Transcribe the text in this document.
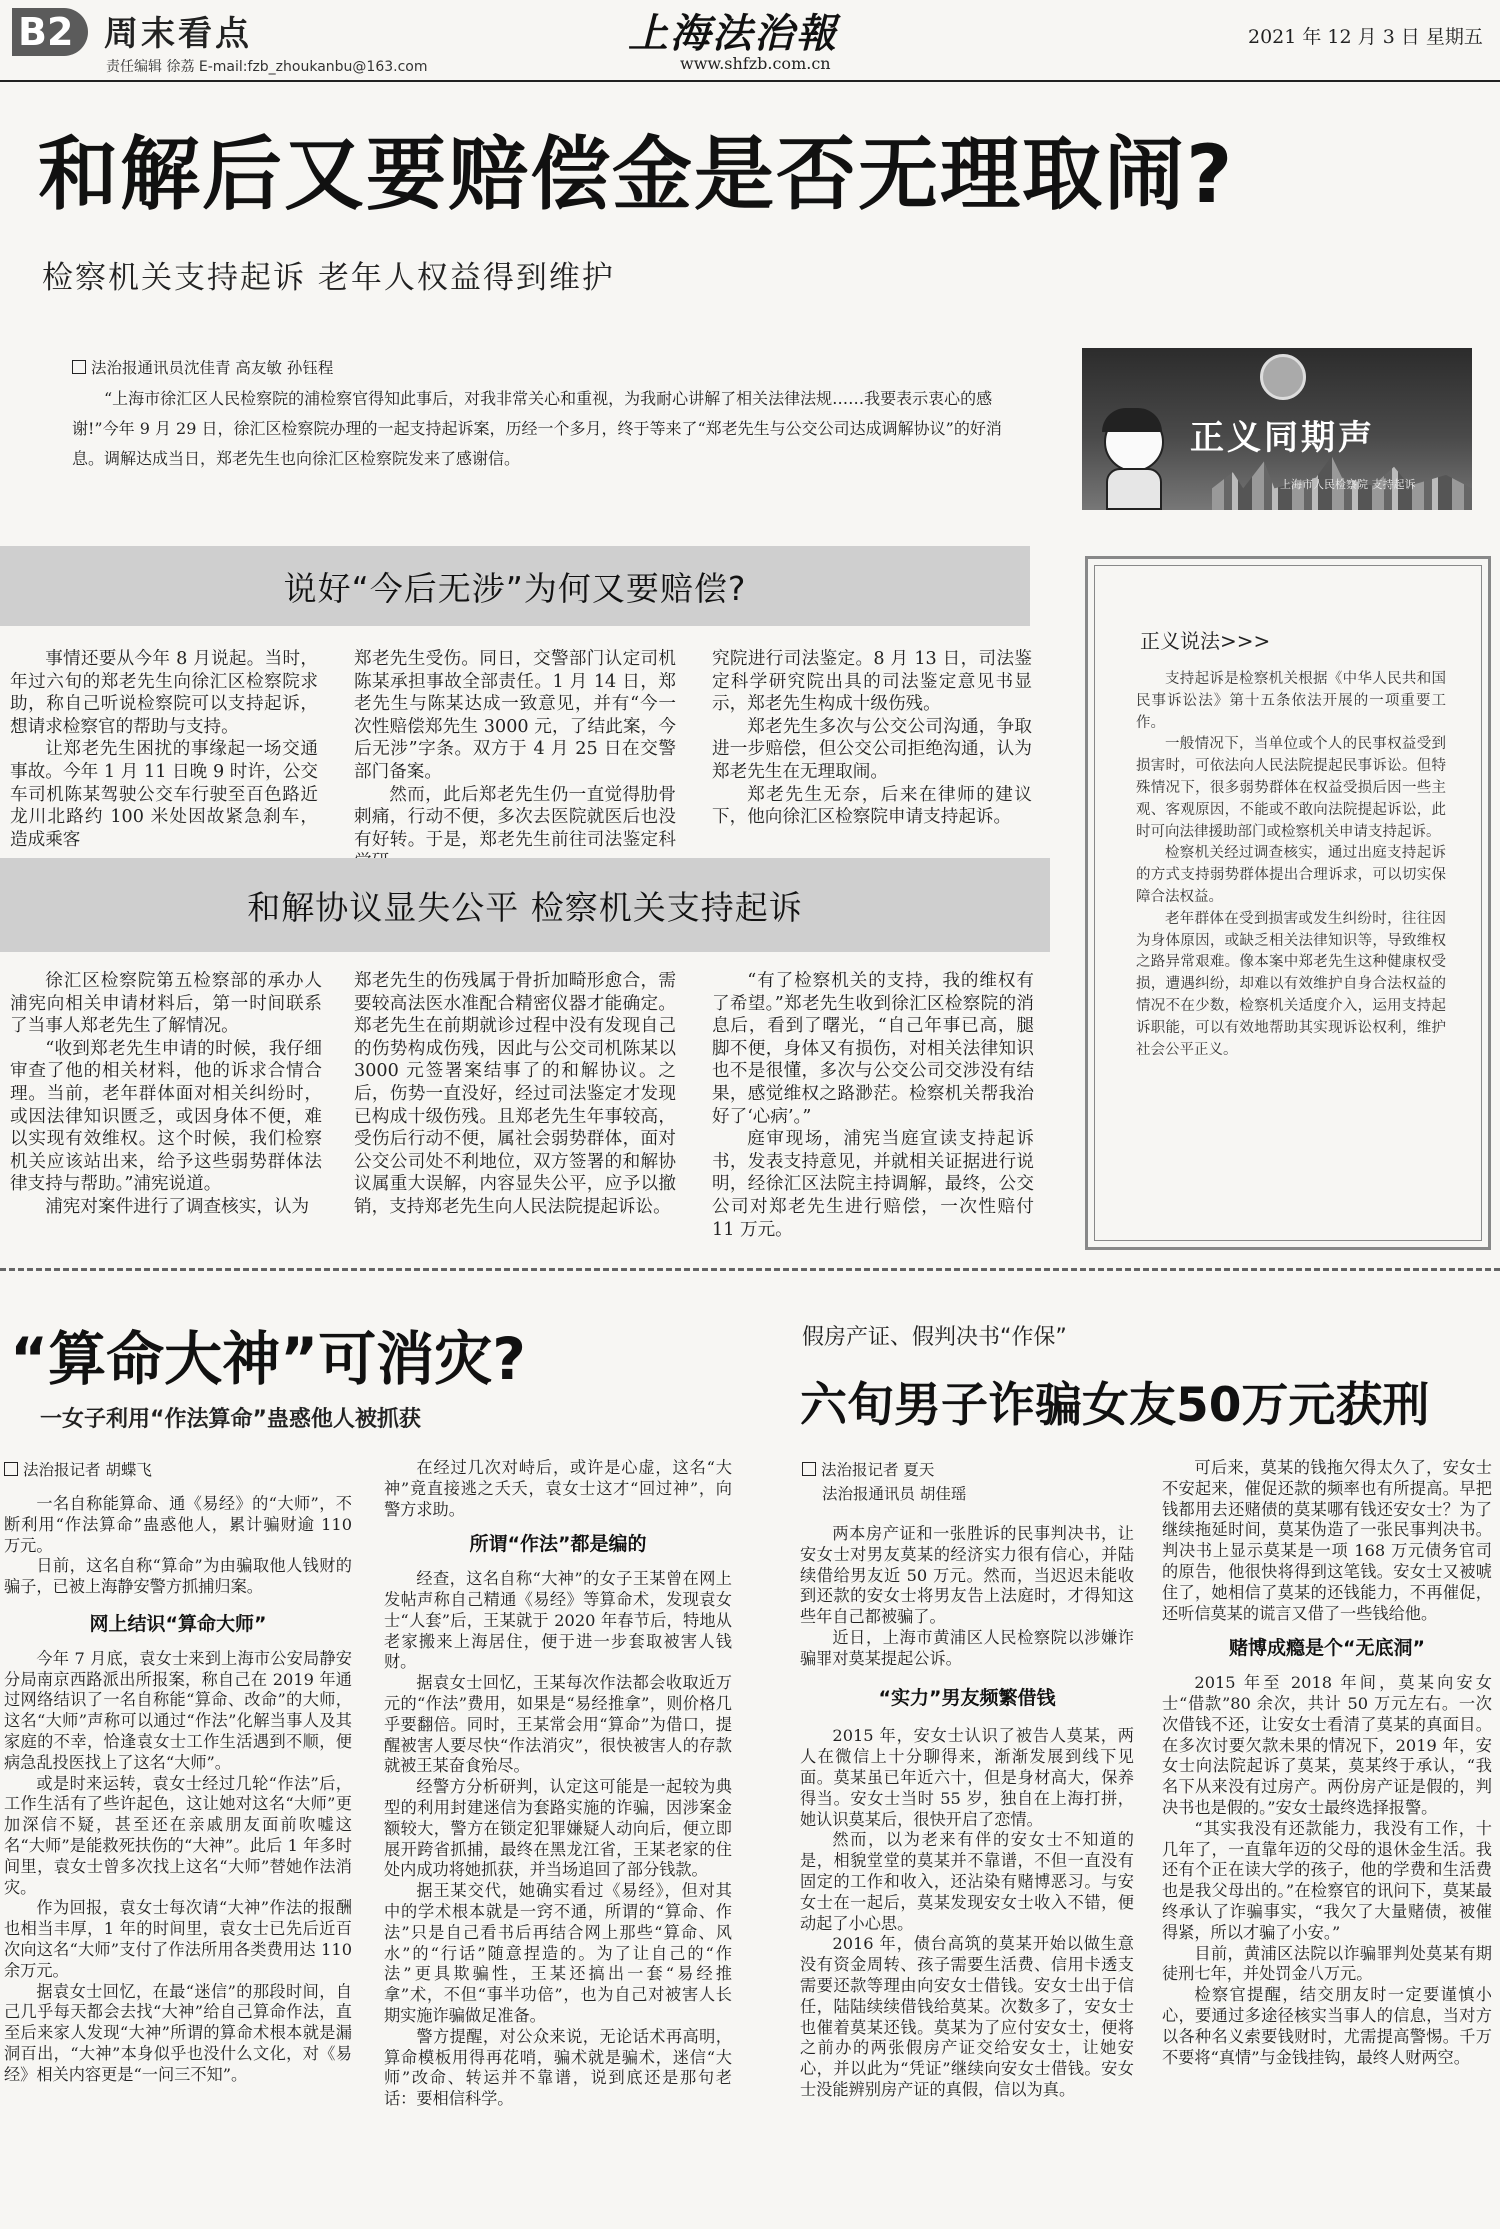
B2 周末看点
责任编辑 徐荔 E-mail:fzb_zhoukanbu@163.com
上海法治報
www.shfzb.com.cn
2021 年 12 月 3 日 星期五
和解后又要赔偿金是否无理取闹?
检察机关支持起诉 老年人权益得到维护
法治报通讯员沈佳青 高友敏 孙钰程
“上海市徐汇区人民检察院的浦检察官得知此事后，对我非常关心和重视，为我耐心讲解了相关法律法规……我要表示衷心的感谢!”今年 9 月 29 日，徐汇区检察院办理的一起支持起诉案，历经一个多月，终于等来了“郑老先生与公交公司达成调解协议”的好消息。调解达成当日，郑老先生也向徐汇区检察院发来了感谢信。
正义同期声
上海市人民检察院 支持起诉
说好“今后无涉”为何又要赔偿?

事情还要从今年 8 月说起。当时，年过六旬的郑老先生向徐汇区检察院求助，称自己听说检察院可以支持起诉，想请求检察官的帮助与支持。

让郑老先生困扰的事缘起一场交通事故。今年 1 月 11 日晚 9 时许，公交车司机陈某驾驶公交车行驶至百色路近龙川北路约 100 米处因故紧急刹车，造成乘客

郑老先生受伤。同日，交警部门认定司机陈某承担事故全部责任。1 月 14 日，郑老先生与陈某达成一致意见，并有“今一次性赔偿郑先生 3000 元，了结此案，今后无涉”字条。双方于 4 月 25 日在交警部门备案。

然而，此后郑老先生仍一直觉得肋骨刺痛，行动不便，多次去医院就医后也没有好转。于是，郑老先生前往司法鉴定科

究院进行司法鉴定。8 月 13 日，司法鉴定科学研究院出具的司法鉴定意见书显示，郑老先生构成十级伤残。

郑老先生多次与公交公司沟通，争取进一步赔偿，但公交公司拒绝沟通，认为郑老先生在无理取闹。

郑老先生无奈，后来在律师的建议下，他向徐汇区检察院申请支持起诉。

和解协议显失公平 检察机关支持起诉

徐汇区检察院第五检察部的承办人浦宪向相关申请材料后，第一时间联系了当事人郑老先生了解情况。

“收到郑老先生申请的时候，我仔细审查了他的相关材料，他的诉求合情合理。当前，老年群体面对相关纠纷时，或因法律知识匮乏，或因身体不便，难以实现有效维权。这个时候，我们检察机关应该站出来，给予这些弱势群体法律支持与帮助。”浦宪说道。

浦宪对案件进行了调查核实，认为

郑老先生的伤残属于骨折加畸形愈合，需要较高法医水准配合精密仪器才能确定。郑老先生在前期就诊过程中没有发现自己的伤势构成伤残，因此与公交司机陈某以 3000 元签署案结事了的和解协议。之后，伤势一直没好，经过司法鉴定才发现已构成十级伤残。且郑老先生年事较高，受伤后行动不便，属社会弱势群体，面对公交公司处不利地位，双方签署的和解协议属重大误解，内容显失公平，应予以撤销，支持郑老先生向人民法院提起诉讼。

“有了检察机关的支持，我的维权有了希望。”郑老先生收到徐汇区检察院的消息后，看到了曙光，“自己年事已高，腿脚不便，身体又有损伤，对相关法律知识也不是很懂，多次与公交公司交涉没有结果，感觉维权之路渺茫。检察机关帮我治好了‘心病’。”

庭审现场，浦宪当庭宣读支持起诉书，发表支持意见，并就相关证据进行说明，经徐汇区法院主持调解，最终，公交公司对郑老先生进行赔偿，一次性赔付 11 万元。

正义说法>>>
支持起诉是检察机关根据《中华人民共和国民事诉讼法》第十五条依法开展的一项重要工作。
一般情况下，当单位或个人的民事权益受到损害时，可依法向人民法院提起民事诉讼。但特殊情况下，很多弱势群体在权益受损后因一些主观、客观原因，不能或不敢向法院提起诉讼，此时可向法律援助部门或检察机关申请支持起诉。
检察机关经过调查核实，通过出庭支持起诉的方式支持弱势群体提出合理诉求，可以切实保障合法权益。
老年群体在受到损害或发生纠纷时，往往因为身体原因，或缺乏相关法律知识等，导致维权之路异常艰难。像本案中郑老先生这种健康权受损，遭遇纠纷，却难以有效维护自身合法权益的情况不在少数，检察机关适度介入，运用支持起诉职能，可以有效地帮助其实现诉讼权利，维护社会公平正义。
“算命大神”可消灾?
一女子利用“作法算命”蛊惑他人被抓获
法治报记者 胡蝶飞

一名自称能算命、通《易经》的“大师”，不断利用“作法算命”蛊惑他人，累计骗财逾 110 万元。

日前，这名自称“算命”为由骗取他人钱财的骗子，已被上海静安警方抓捕归案。

网上结识“算命大师”

今年 7 月底，袁女士来到上海市公安局静安分局南京西路派出所报案，称自己在 2019 年通过网络结识了一名自称能“算命、改命”的大师，这名“大师”声称可以通过“作法”化解当事人及其家庭的不幸，恰逢袁女士工作生活遇到不顺，便病急乱投医找上了这名“大师”。

或是时来运转，袁女士经过几轮“作法”后，工作生活有了些许起色，这让她对这名“大师”更加深信不疑，甚至还在亲戚朋友面前吹嘘这名“大师”是能救死扶伤的“大神”。此后 1 年多时间里，袁女士曾多次找上这名“大师”替她作法消灾。

作为回报，袁女士每次请“大神”作法的报酬也相当丰厚，1 年的时间里，袁女士已先后近百次向这名“大师”支付了作法所用各类费用达 110 余万元。

据袁女士回忆，在最“迷信”的那段时间，自己几乎每天都会去找“大神”给自己算命作法，直至后来家人发现“大神”所谓的算命术根本就是漏洞百出，“大神”本身似乎也没什么文化，对《易经》相关内容更是“一问三不知”。

在经过几次对峙后，或许是心虚，这名“大神”竟直接逃之夭夭，袁女士这才“回过神”，向警方求助。

所谓“作法”都是编的

经查，这名自称“大神”的女子王某曾在网上发帖声称自己精通《易经》等算命术，发现袁女士“人套”后，王某就于 2020 年春节后，特地从老家搬来上海居住，便于进一步套取被害人钱财。

据袁女士回忆，王某每次作法都会收取近万元的“作法”费用，如果是“易经推拿”，则价格几乎要翻倍。同时，王某常会用“算命”为借口，提醒被害人要尽快“作法消灾”，很快被害人的存款就被王某奋食殆尽。

经警方分析研判，认定这可能是一起较为典型的利用封建迷信为套路实施的诈骗，因涉案金额较大，警方在锁定犯罪嫌疑人动向后，便立即展开跨省抓捕，最终在黑龙江省，王某老家的住处内成功将她抓获，并当场追回了部分钱款。

据王某交代，她确实看过《易经》，但对其中的学术根本就是一窍不通，所谓的“算命、作法”只是自己看书后再结合网上那些“算命、风水”的“行话”随意捏造的。为了让自己的“作法”更具欺骗性，王某还搞出一套“易经推拿”术，不但“事半功倍”，也为自己对被害人长期实施诈骗做足准备。

警方提醒，对公众来说，无论话术再高明，算命模板用得再花哨，骗术就是骗术，迷信“大师”改命、转运并不靠谱，说到底还是那句老话：要相信科学。

假房产证、假判决书“作保”
六旬男子诈骗女友50万元获刑
法治报记者 夏天
法治报通讯员 胡佳瑶

两本房产证和一张胜诉的民事判决书，让安女士对男友莫某的经济实力很有信心，并陆续借给男友近 50 万元。然而，当迟迟未能收到还款的安女士将男友告上法庭时，才得知这些年自己都被骗了。

近日，上海市黄浦区人民检察院以涉嫌诈骗罪对莫某提起公诉。

“实力”男友频繁借钱

2015 年，安女士认识了被告人莫某，两人在微信上十分聊得来，渐渐发展到线下见面。莫某虽已年近六十，但是身材高大，保养得当。安女士当时 55 岁，独自在上海打拼，她认识莫某后，很快开启了恋情。

然而，以为老来有伴的安女士不知道的是，相貌堂堂的莫某并不靠谱，不但一直没有固定的工作和收入，还沾染有赌博恶习。与安女士在一起后，莫某发现安女士收入不错，便动起了小心思。

2016 年，债台高筑的莫某开始以做生意没有资金周转、孩子需要生活费、信用卡透支需要还款等理由向安女士借钱。安女士出于信任，陆陆续续借钱给莫某。次数多了，安女士也催着莫某还钱。莫某为了应付安女士，便将之前办的两张假房产证交给安女士，让她安心，并以此为“凭证”继续向安女士借钱。安女士没能辨别房产证的真假，信以为真。

可后来，莫某的钱拖欠得太久了，安女士不安起来，催促还款的频率也有所提高。早把钱都用去还赌债的莫某哪有钱还安女士？为了继续拖延时间，莫某伪造了一张民事判决书。判决书上显示莫某是一项 168 万元债务官司的原告，他很快将得到这笔钱。安女士又被唬住了，她相信了莫某的还钱能力，不再催促，还听信莫某的谎言又借了一些钱给他。

赌博成瘾是个“无底洞”

2015 年至 2018 年间，莫某向安女士“借款”80 余次，共计 50 万元左右。一次次借钱不还，让安女士看清了莫某的真面目。在多次讨要欠款未果的情况下，2019 年，安女士向法院起诉了莫某，莫某终于承认，“我名下从来没有过房产。两份房产证是假的，判决书也是假的。”安女士最终选择报警。

“其实我没有还款能力，我没有工作，十几年了，一直靠年迈的父母的退休金生活。我还有个正在读大学的孩子，他的学费和生活费也是我父母出的。”在检察官的讯问下，莫某最终承认了诈骗事实，“我欠了大量赌债，被催得紧，所以才骗了小安。”

目前，黄浦区法院以诈骗罪判处莫某有期徒刑七年，并处罚金八万元。

检察官提醒，结交朋友时一定要谨慎小心，要通过多途径核实当事人的信息，当对方以各种名义索要钱财时，尤需提高警惕。千万不要将“真情”与金钱挂钩，最终人财两空。
